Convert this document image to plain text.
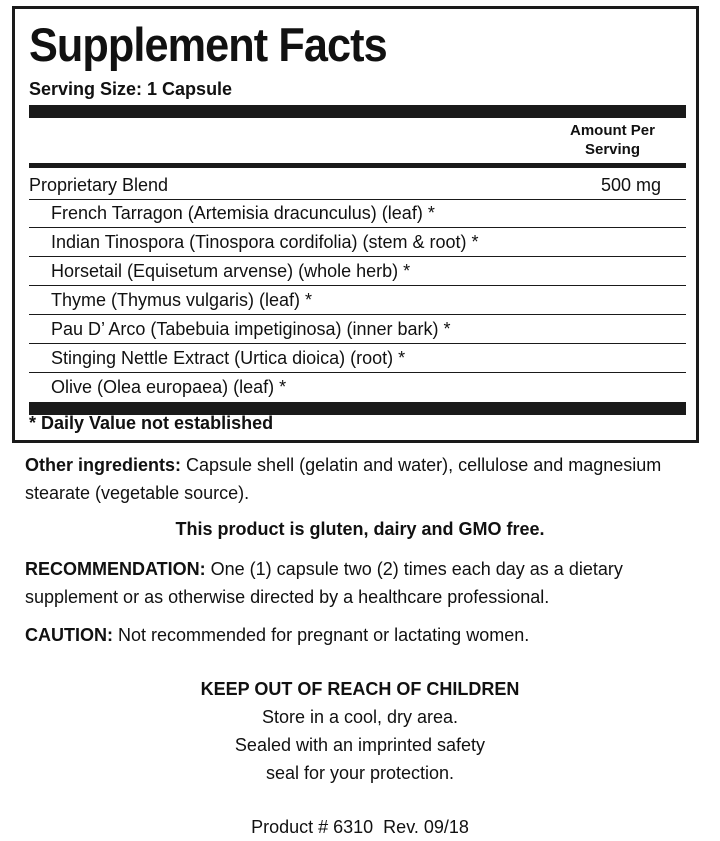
Supplement Facts
Serving Size: 1 Capsule
Amount Per
Serving
Proprietary Blend	500 mg
French Tarragon (Artemisia dracunculus) (leaf) *
Indian Tinospora (Tinospora cordifolia) (stem & root) *
Horsetail (Equisetum arvense) (whole herb) *
Thyme (Thymus vulgaris) (leaf) *
Pau D’ Arco (Tabebuia impetiginosa) (inner bark) *
Stinging Nettle Extract (Urtica dioica) (root) *
Olive (Olea europaea) (leaf) *
* Daily Value not established
Other ingredients: Capsule shell (gelatin and water), cellulose and magnesium
stearate (vegetable source).
This product is gluten, dairy and GMO free.
RECOMMENDATION: One (1) capsule two (2) times each day as a dietary
supplement or as otherwise directed by a healthcare professional.
CAUTION: Not recommended for pregnant or lactating women.
KEEP OUT OF REACH OF CHILDREN
Store in a cool, dry area.
Sealed with an imprinted safety
seal for your protection.
Product # 6310  Rev. 09/18
